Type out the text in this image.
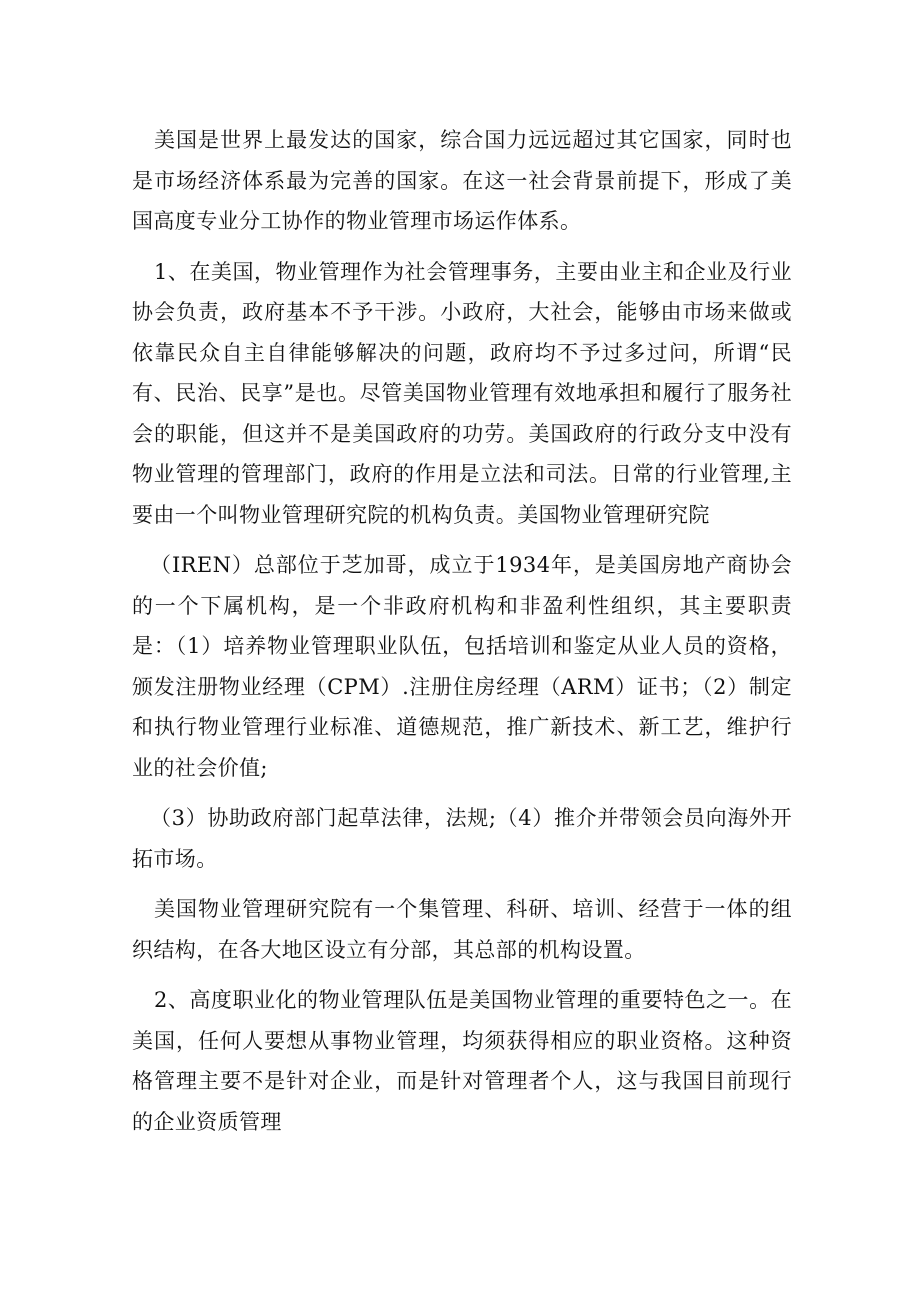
美国是世界上最发达的国家，综合国力远远超过其它国家，同时也是市场经济体系最为完善的国家。在这一社会背景前提下，形成了美国高度专业分工协作的物业管理市场运作体系。

1、在美国，物业管理作为社会管理事务，主要由业主和企业及行业协会负责，政府基本不予干涉。小政府，大社会，能够由市场来做或依靠民众自主自律能够解决的问题，政府均不予过多过问，所谓“民有、民治、民享”是也。尽管美国物业管理有效地承担和履行了服务社会的职能，但这并不是美国政府的功劳。美国政府的行政分支中没有物业管理的管理部门，政府的作用是立法和司法。日常的行业管理,主要由一个叫物业管理研究院的机构负责。美国物业管理研究院

（IREN）总部位于芝加哥，成立于1934年，是美国房地产商协会的一个下属机构，是一个非政府机构和非盈利性组织，其主要职责是：（1）培养物业管理职业队伍，包括培训和鉴定从业人员的资格，颁发注册物业经理（CPM）.注册住房经理（ARM）证书；（2）制定和执行物业管理行业标准、道德规范，推广新技术、新工艺，维护行业的社会价值;

（3）协助政府部门起草法律，法规;（4）推介并带领会员向海外开拓市场。

美国物业管理研究院有一个集管理、科研、培训、经营于一体的组织结构，在各大地区设立有分部，其总部的机构设置。

2、高度职业化的物业管理队伍是美国物业管理的重要特色之一。在美国，任何人要想从事物业管理，均须获得相应的职业资格。这种资格管理主要不是针对企业，而是针对管理者个人，这与我国目前现行的企业资质管理
